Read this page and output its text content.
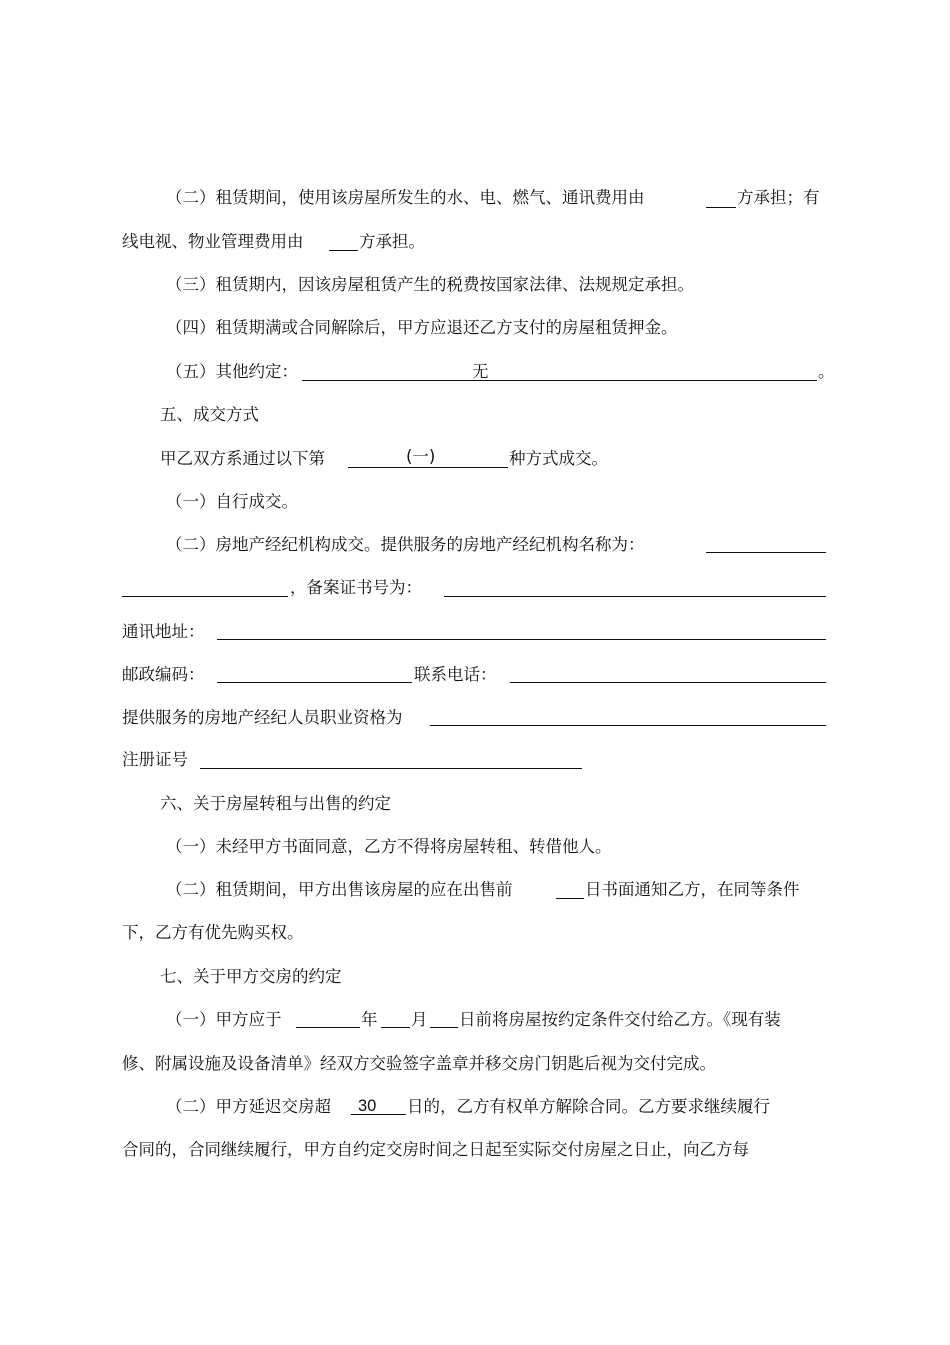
（二）租赁期间，使用该房屋所发生的水、电、燃气、通讯费用由	方承担；有
线电视、物业管理费用由	方承担。
（三）租赁期内，因该房屋租赁产生的税费按国家法律、法规规定承担。
（四）租赁期满或合同解除后，甲方应退还乙方支付的房屋租赁押金。
（五）其他约定：	无	。
五、成交方式
甲乙双方系通过以下第	(一)	种方式成交。
（一）自行成交。
（二）房地产经纪机构成交。提供服务的房地产经纪机构名称为：
，备案证书号为：
通讯地址：
邮政编码：	联系电话：
提供服务的房地产经纪人员职业资格为
注册证号
六、关于房屋转租与出售的约定
（一）未经甲方书面同意，乙方不得将房屋转租、转借他人。
（二）租赁期间，甲方出售该房屋的应在出售前	日书面通知乙方，在同等条件
下，乙方有优先购买权。
七、关于甲方交房的约定
（一）甲方应于	年 月 日前将房屋按约定条件交付给乙方。《现有装
修、附属设施及设备清单》经双方交验签字盖章并移交房门钥匙后视为交付完成。
（二）甲方延迟交房超 30 日的，乙方有权单方解除合同。乙方要求继续履行
合同的，合同继续履行，甲方自约定交房时间之日起至实际交付房屋之日止，向乙方每
